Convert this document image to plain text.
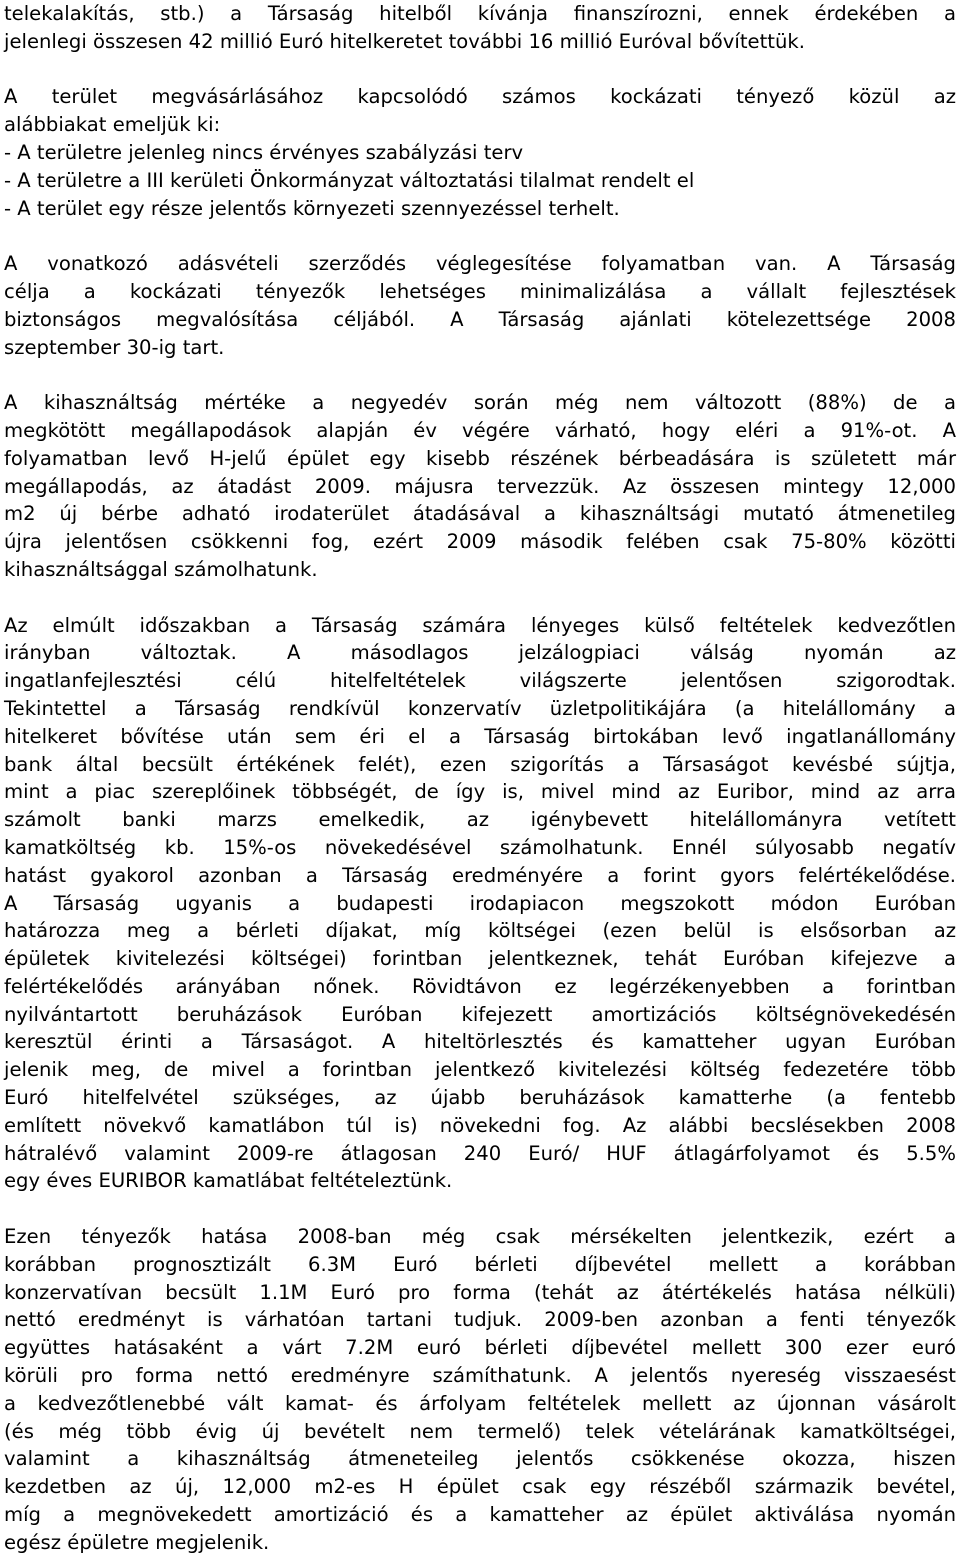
telekalakítás, stb.) a Társaság hitelből kívánja finanszírozni, ennek érdekében a
jelenlegi összesen 42 millió Euró hitelkeretet további 16 millió Euróval bővítettük.
A terület megvásárlásához kapcsolódó számos kockázati tényező közül az
alábbiakat emeljük ki:
- A területre jelenleg nincs érvényes szabályzási terv
- A területre a III kerületi Önkormányzat változtatási tilalmat rendelt el
- A terület egy része jelentős környezeti szennyezéssel terhelt.
A vonatkozó adásvételi szerződés véglegesítése folyamatban van. A Társaság
célja a kockázati tényezők lehetséges minimalizálása a vállalt fejlesztések
biztonságos megvalósítása céljából. A Társaság ajánlati kötelezettsége 2008
szeptember 30-ig tart.
A kihasználtság mértéke a negyedév során még nem változott (88%) de a
megkötött megállapodások alapján év végére várható, hogy eléri a 91%-ot. A
folyamatban levő H-jelű épület egy kisebb részének bérbeadására is született már
megállapodás, az átadást 2009. májusra tervezzük. Az összesen mintegy 12,000
m2 új bérbe adható irodaterület átadásával a kihasználtsági mutató átmenetileg
újra jelentősen csökkenni fog, ezért 2009 második felében csak 75-80% közötti
kihasználtsággal számolhatunk.
Az elmúlt időszakban a Társaság számára lényeges külső feltételek kedvezőtlen
irányban változtak. A másodlagos jelzálogpiaci válság nyomán az
ingatlanfejlesztési célú hitelfeltételek világszerte jelentősen szigorodtak.
Tekintettel a Társaság rendkívül konzervatív üzletpolitikájára (a hitelállomány a
hitelkeret bővítése után sem éri el a Társaság birtokában levő ingatlanállomány
bank által becsült értékének felét), ezen szigorítás a Társaságot kevésbé sújtja,
mint a piac szereplőinek többségét, de így is, mivel mind az Euribor, mind az arra
számolt banki marzs emelkedik, az igénybevett hitelállományra vetített
kamatköltség kb. 15%-os növekedésével számolhatunk. Ennél súlyosabb negatív
hatást gyakorol azonban a Társaság eredményére a forint gyors felértékelődése.
A Társaság ugyanis a budapesti irodapiacon megszokott módon Euróban
határozza meg a bérleti díjakat, míg költségei (ezen belül is elsősorban az
épületek kivitelezési költségei) forintban jelentkeznek, tehát Euróban kifejezve a
felértékelődés arányában nőnek. Rövidtávon ez legérzékenyebben a forintban
nyilvántartott beruházások Euróban kifejezett amortizációs költségnövekedésén
keresztül érinti a Társaságot. A hiteltörlesztés és kamatteher ugyan Euróban
jelenik meg, de mivel a forintban jelentkező kivitelezési költség fedezetére több
Euró hitelfelvétel szükséges, az újabb beruházások kamatterhe (a fentebb
említett növekvő kamatlábon túl is) növekedni fog. Az alábbi becslésekben 2008
hátralévő valamint 2009-re átlagosan 240 Euró/ HUF átlagárfolyamot és 5.5%
egy éves EURIBOR kamatlábat feltételeztünk.
Ezen tényezők hatása 2008-ban még csak mérsékelten jelentkezik, ezért a
korábban prognosztizált 6.3M Euró bérleti díjbevétel mellett a korábban
konzervatívan becsült 1.1M Euró pro forma (tehát az átértékelés hatása nélküli)
nettó eredményt is várhatóan tartani tudjuk. 2009-ben azonban a fenti tényezők
együttes hatásaként a várt 7.2M euró bérleti díjbevétel mellett 300 ezer euró
körüli pro forma nettó eredményre számíthatunk. A jelentős nyereség visszaesést
a kedvezőtlenebbé vált kamat- és árfolyam feltételek mellett az újonnan vásárolt
(és még több évig új bevételt nem termelő) telek vételárának kamatköltségei,
valamint a kihasználtság átmeneteileg jelentős csökkenése okozza, hiszen
kezdetben az új, 12,000 m2-es H épület csak egy részéből származik bevétel,
míg a megnövekedett amortizáció és a kamatteher az épület aktiválása nyomán
egész épületre megjelenik.
